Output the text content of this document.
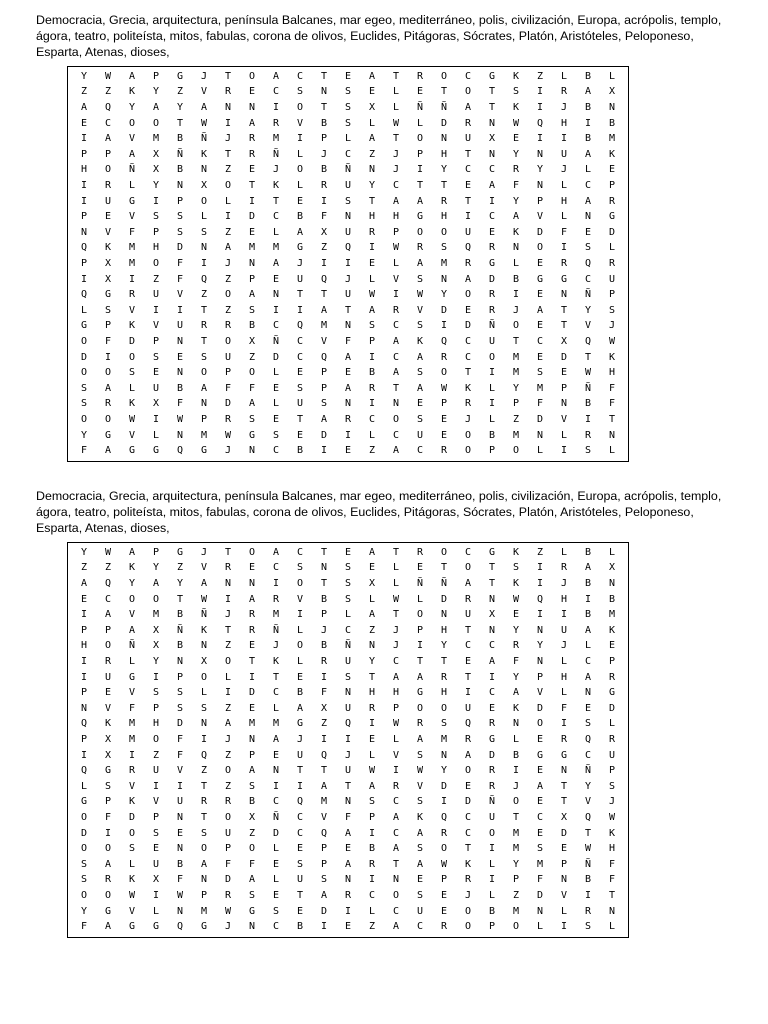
Democracia, Grecia, arquitectura, península Balcanes, mar egeo, mediterráneo, polis, civilización, Europa, acrópolis, templo, ágora, teatro, politeísta, mitos, fabulas, corona de olivos, Euclides, Pitágoras, Sócrates, Platón, Aristóteles, Peloponeso, Esparta, Atenas, dioses,
Y	W	A	P	G	J	T	O	A	C	T	E	A	T	R	O	C	G	K	Z	L	B	L
Z	Z	K	Y	Z	V	R	E	C	S	N	S	E	L	E	T	O	T	S	I	R	A	X
A	Q	Y	A	Y	A	N	N	I	O	T	S	X	L	Ñ	Ñ	A	T	K	I	J	B	N
E	C	O	O	T	W	I	A	R	V	B	S	L	W	L	D	R	N	W	Q	H	I	B
I	A	V	M	B	Ñ	J	R	M	I	P	L	A	T	O	N	U	X	E	I	I	B	M
P	P	A	X	Ñ	K	T	R	Ñ	L	J	C	Z	J	P	H	T	N	Y	N	U	A	K
H	O	Ñ	X	B	N	Z	E	J	O	B	Ñ	N	J	I	Y	C	C	R	Y	J	L	E
I	R	L	Y	N	X	O	T	K	L	R	U	Y	C	T	T	E	A	F	N	L	C	P
I	U	G	I	P	O	L	I	T	E	I	S	T	A	A	R	T	I	Y	P	H	A	R
P	E	V	S	S	L	I	D	C	B	F	N	H	H	G	H	I	C	A	V	L	N	G
N	V	F	P	S	S	Z	E	L	A	X	U	R	P	O	O	U	E	K	D	F	E	D
Q	K	M	H	D	N	A	M	M	G	Z	Q	I	W	R	S	Q	R	N	O	I	S	L
P	X	M	O	F	I	J	N	A	J	I	I	E	L	A	M	R	G	L	E	R	Q	R
I	X	I	Z	F	Q	Z	P	E	U	Q	J	L	V	S	N	A	D	B	G	G	C	U
Q	G	R	U	V	Z	O	A	N	T	T	U	W	I	W	Y	O	R	I	E	N	Ñ	P
L	S	V	I	I	T	Z	S	I	I	A	T	A	R	V	D	E	R	J	A	T	Y	S
G	P	K	V	U	R	R	B	C	Q	M	N	S	C	S	I	D	Ñ	O	E	T	V	J
O	F	D	P	N	T	O	X	Ñ	C	V	F	P	A	K	Q	C	U	T	C	X	Q	W
D	I	O	S	E	S	U	Z	D	C	Q	A	I	C	A	R	C	O	M	E	D	T	K
O	O	S	E	N	O	P	O	L	E	P	E	B	A	S	O	T	I	M	S	E	W	H
S	A	L	U	B	A	F	F	E	S	P	A	R	T	A	W	K	L	Y	M	P	Ñ	F
S	R	K	X	F	N	D	A	L	U	S	N	I	N	E	P	R	I	P	F	N	B	F
O	O	W	I	W	P	R	S	E	T	A	R	C	O	S	E	J	L	Z	D	V	I	T
Y	G	V	L	N	M	W	G	S	E	D	I	L	C	U	E	O	B	M	N	L	R	N
F	A	G	G	Q	G	J	N	C	B	I	E	Z	A	C	R	O	P	O	L	I	S	L
Democracia, Grecia, arquitectura, península Balcanes, mar egeo, mediterráneo, polis, civilización, Europa, acrópolis, templo, ágora, teatro, politeísta, mitos, fabulas, corona de olivos, Euclides, Pitágoras, Sócrates, Platón, Aristóteles, Peloponeso, Esparta, Atenas, dioses,
Y	W	A	P	G	J	T	O	A	C	T	E	A	T	R	O	C	G	K	Z	L	B	L
Z	Z	K	Y	Z	V	R	E	C	S	N	S	E	L	E	T	O	T	S	I	R	A	X
A	Q	Y	A	Y	A	N	N	I	O	T	S	X	L	Ñ	Ñ	A	T	K	I	J	B	N
E	C	O	O	T	W	I	A	R	V	B	S	L	W	L	D	R	N	W	Q	H	I	B
I	A	V	M	B	Ñ	J	R	M	I	P	L	A	T	O	N	U	X	E	I	I	B	M
P	P	A	X	Ñ	K	T	R	Ñ	L	J	C	Z	J	P	H	T	N	Y	N	U	A	K
H	O	Ñ	X	B	N	Z	E	J	O	B	Ñ	N	J	I	Y	C	C	R	Y	J	L	E
I	R	L	Y	N	X	O	T	K	L	R	U	Y	C	T	T	E	A	F	N	L	C	P
I	U	G	I	P	O	L	I	T	E	I	S	T	A	A	R	T	I	Y	P	H	A	R
P	E	V	S	S	L	I	D	C	B	F	N	H	H	G	H	I	C	A	V	L	N	G
N	V	F	P	S	S	Z	E	L	A	X	U	R	P	O	O	U	E	K	D	F	E	D
Q	K	M	H	D	N	A	M	M	G	Z	Q	I	W	R	S	Q	R	N	O	I	S	L
P	X	M	O	F	I	J	N	A	J	I	I	E	L	A	M	R	G	L	E	R	Q	R
I	X	I	Z	F	Q	Z	P	E	U	Q	J	L	V	S	N	A	D	B	G	G	C	U
Q	G	R	U	V	Z	O	A	N	T	T	U	W	I	W	Y	O	R	I	E	N	Ñ	P
L	S	V	I	I	T	Z	S	I	I	A	T	A	R	V	D	E	R	J	A	T	Y	S
G	P	K	V	U	R	R	B	C	Q	M	N	S	C	S	I	D	Ñ	O	E	T	V	J
O	F	D	P	N	T	O	X	Ñ	C	V	F	P	A	K	Q	C	U	T	C	X	Q	W
D	I	O	S	E	S	U	Z	D	C	Q	A	I	C	A	R	C	O	M	E	D	T	K
O	O	S	E	N	O	P	O	L	E	P	E	B	A	S	O	T	I	M	S	E	W	H
S	A	L	U	B	A	F	F	E	S	P	A	R	T	A	W	K	L	Y	M	P	Ñ	F
S	R	K	X	F	N	D	A	L	U	S	N	I	N	E	P	R	I	P	F	N	B	F
O	O	W	I	W	P	R	S	E	T	A	R	C	O	S	E	J	L	Z	D	V	I	T
Y	G	V	L	N	M	W	G	S	E	D	I	L	C	U	E	O	B	M	N	L	R	N
F	A	G	G	Q	G	J	N	C	B	I	E	Z	A	C	R	O	P	O	L	I	S	L
